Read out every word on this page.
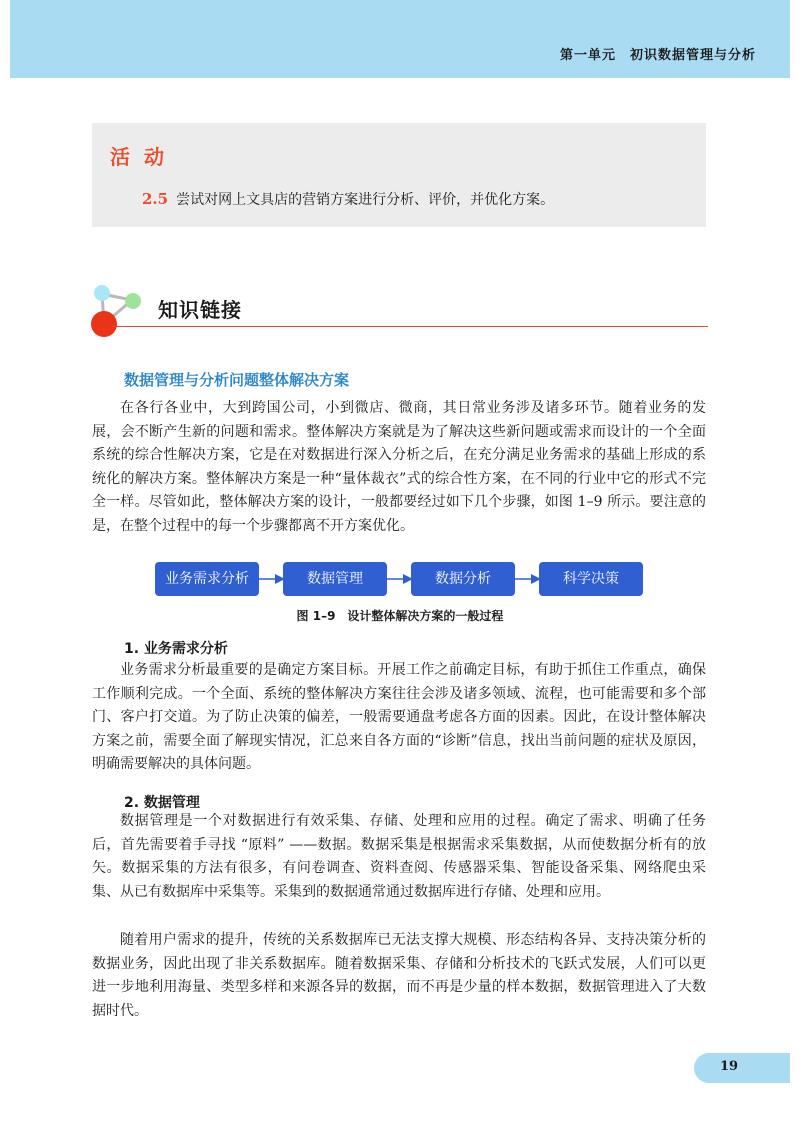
第一单元　初识数据管理与分析
活动
2.5 尝试对网上文具店的营销方案进行分析、评价，并优化方案。
知识链接
数据管理与分析问题整体解决方案
在各行各业中，大到跨国公司，小到微店、微商，其日常业务涉及诸多环节。随着业务的发展，会不断产生新的问题和需求。整体解决方案就是为了解决这些新问题或需求而设计的一个全面系统的综合性解决方案，它是在对数据进行深入分析之后，在充分满足业务需求的基础上形成的系统化的解决方案。整体解决方案是一种“量体裁衣”式的综合性方案，在不同的行业中它的形式不完全一样。尽管如此，整体解决方案的设计，一般都要经过如下几个步骤，如图 1–9 所示。要注意的是，在整个过程中的每一个步骤都离不开方案优化。
业务需求分析	数据管理	数据分析	科学决策
图 1–9　设计整体解决方案的一般过程
1. 业务需求分析
业务需求分析最重要的是确定方案目标。开展工作之前确定目标，有助于抓住工作重点，确保工作顺利完成。一个全面、系统的整体解决方案往往会涉及诸多领域、流程，也可能需要和多个部门、客户打交道。为了防止决策的偏差，一般需要通盘考虑各方面的因素。因此，在设计整体解决方案之前，需要全面了解现实情况，汇总来自各方面的“诊断”信息，找出当前问题的症状及原因，明确需要解决的具体问题。
2. 数据管理
数据管理是一个对数据进行有效采集、存储、处理和应用的过程。确定了需求、明确了任务后，首先需要着手寻找 “原料” ——数据。数据采集是根据需求采集数据，从而使数据分析有的放矢。数据采集的方法有很多，有问卷调查、资料查阅、传感器采集、智能设备采集、网络爬虫采集、从已有数据库中采集等。采集到的数据通常通过数据库进行存储、处理和应用。
随着用户需求的提升，传统的关系数据库已无法支撑大规模、形态结构各异、支持决策分析的数据业务，因此出现了非关系数据库。随着数据采集、存储和分析技术的飞跃式发展，人们可以更进一步地利用海量、类型多样和来源各异的数据，而不再是少量的样本数据，数据管理进入了大数据时代。
19
